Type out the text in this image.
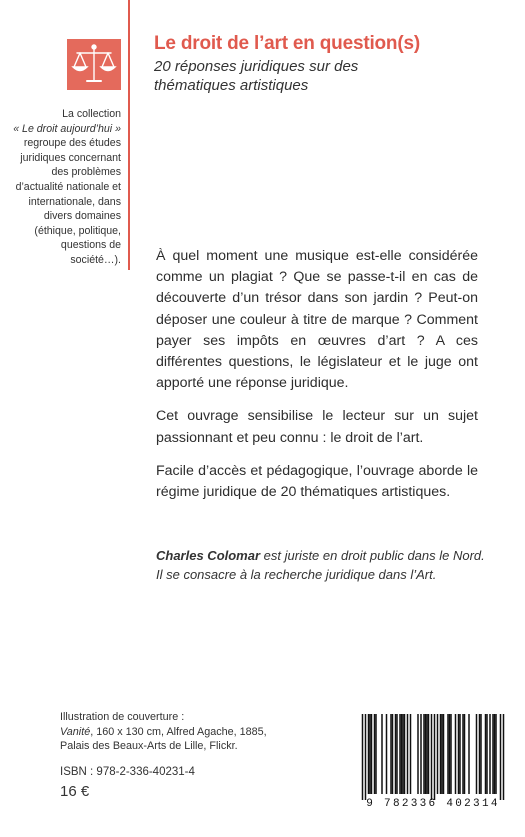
La collection
« Le droit aujourd’hui » regroupe des études juridiques concernant des problèmes d’actualité nationale et internationale, dans divers domaines (éthique, politique, questions de société…).
Le droit de l’art en question(s)
20 réponses juridiques sur des thématiques artistiques

À quel moment une musique est-elle considérée comme un plagiat ? Que se passe-t-il en cas de découverte d’un trésor dans son jardin ? Peut-on déposer une couleur à titre de marque ? Comment payer ses impôts en œuvres d’art ? A ces différentes questions, le législateur et le juge ont apporté une réponse juridique.

Cet ouvrage sensibilise le lecteur sur un sujet passionnant et peu connu : le droit de l’art.

Facile d’accès et pédagogique, l’ouvrage aborde le régime juridique de 20 thématiques artistiques.

Charles Colomar est juriste en droit public dans le Nord. Il se consacre à la recherche juridique dans l’Art.
Illustration de couverture :
Vanité, 160 x 130 cm, Alfred Agache, 1885,
Palais des Beaux-Arts de Lille, Flickr.
ISBN : 978-2-336-40231-4
16 €
9 782336 402314
